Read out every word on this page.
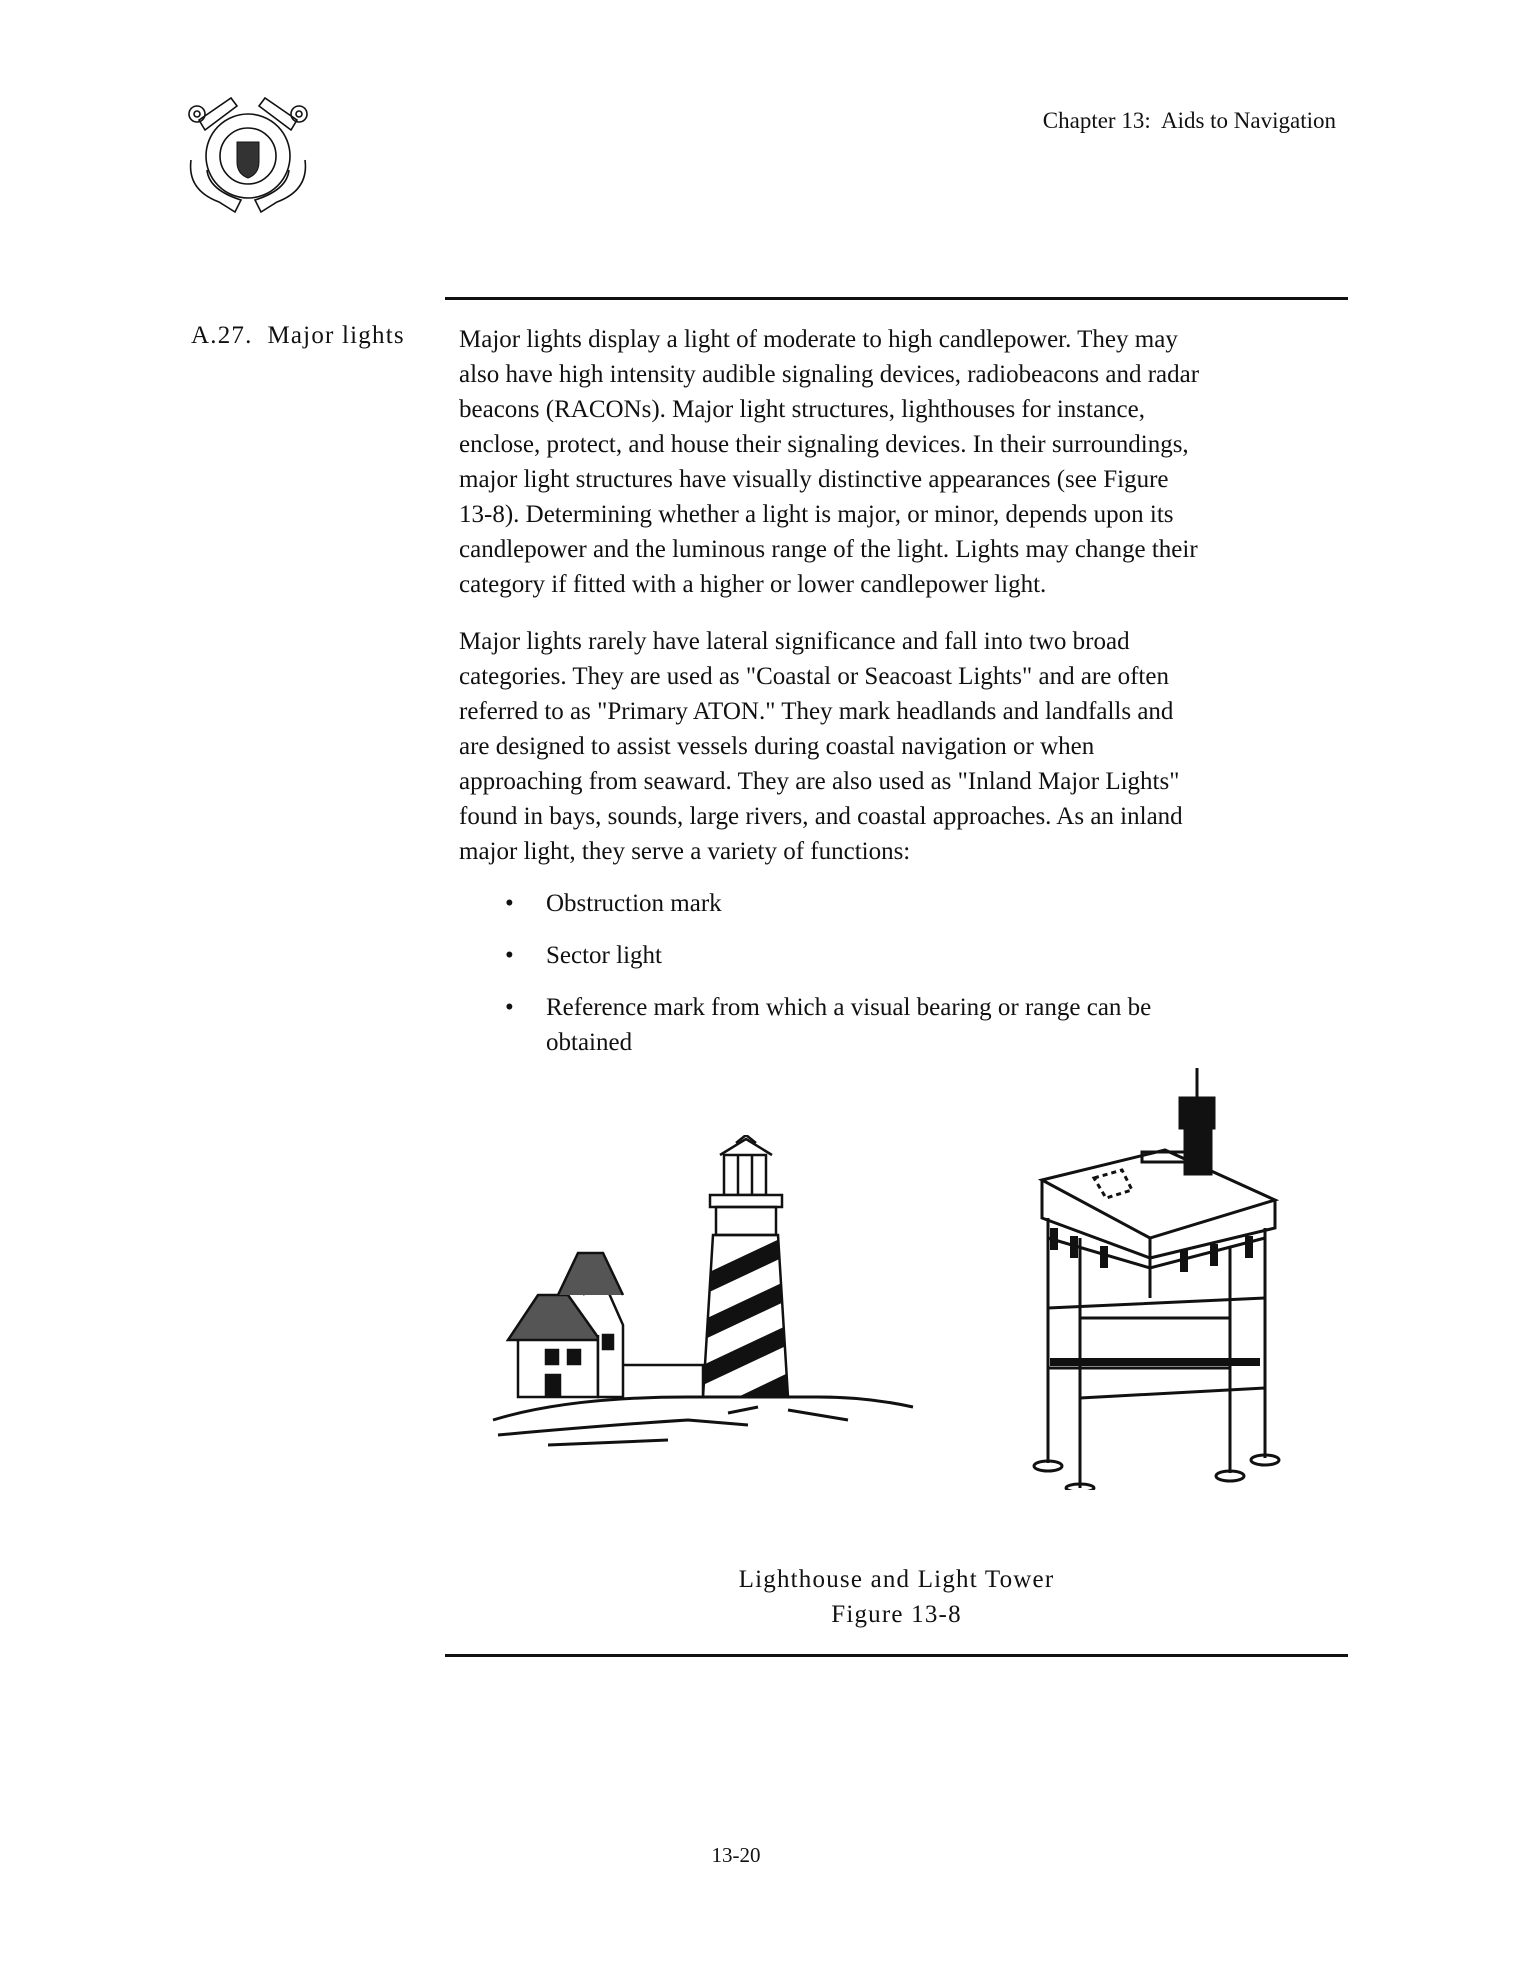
Chapter 13:  Aids to Navigation
A.27.  Major lights Major lights display a light of moderate to high candlepower. They may
also have high intensity audible signaling devices, radiobeacons and radar
beacons (RACONs). Major light structures, lighthouses for instance,
enclose, protect, and house their signaling devices. In their surroundings,
major light structures have visually distinctive appearances (see Figure
13-8). Determining whether a light is major, or minor, depends upon its
candlepower and the luminous range of the light. Lights may change their
category if fitted with a higher or lower candlepower light.
Major lights rarely have lateral significance and fall into two broad
categories. They are used as "Coastal or Seacoast Lights" and are often
referred to as "Primary ATON." They mark headlands and landfalls and
are designed to assist vessels during coastal navigation or when
approaching from seaward. They are also used as "Inland Major Lights"
found in bays, sounds, large rivers, and coastal approaches. As an inland
major light, they serve a variety of functions:
• Obstruction mark
• Sector light
• Reference mark from which a visual bearing or range can be
obtained
Lighthouse and Light Tower
Figure 13-8
13-20
